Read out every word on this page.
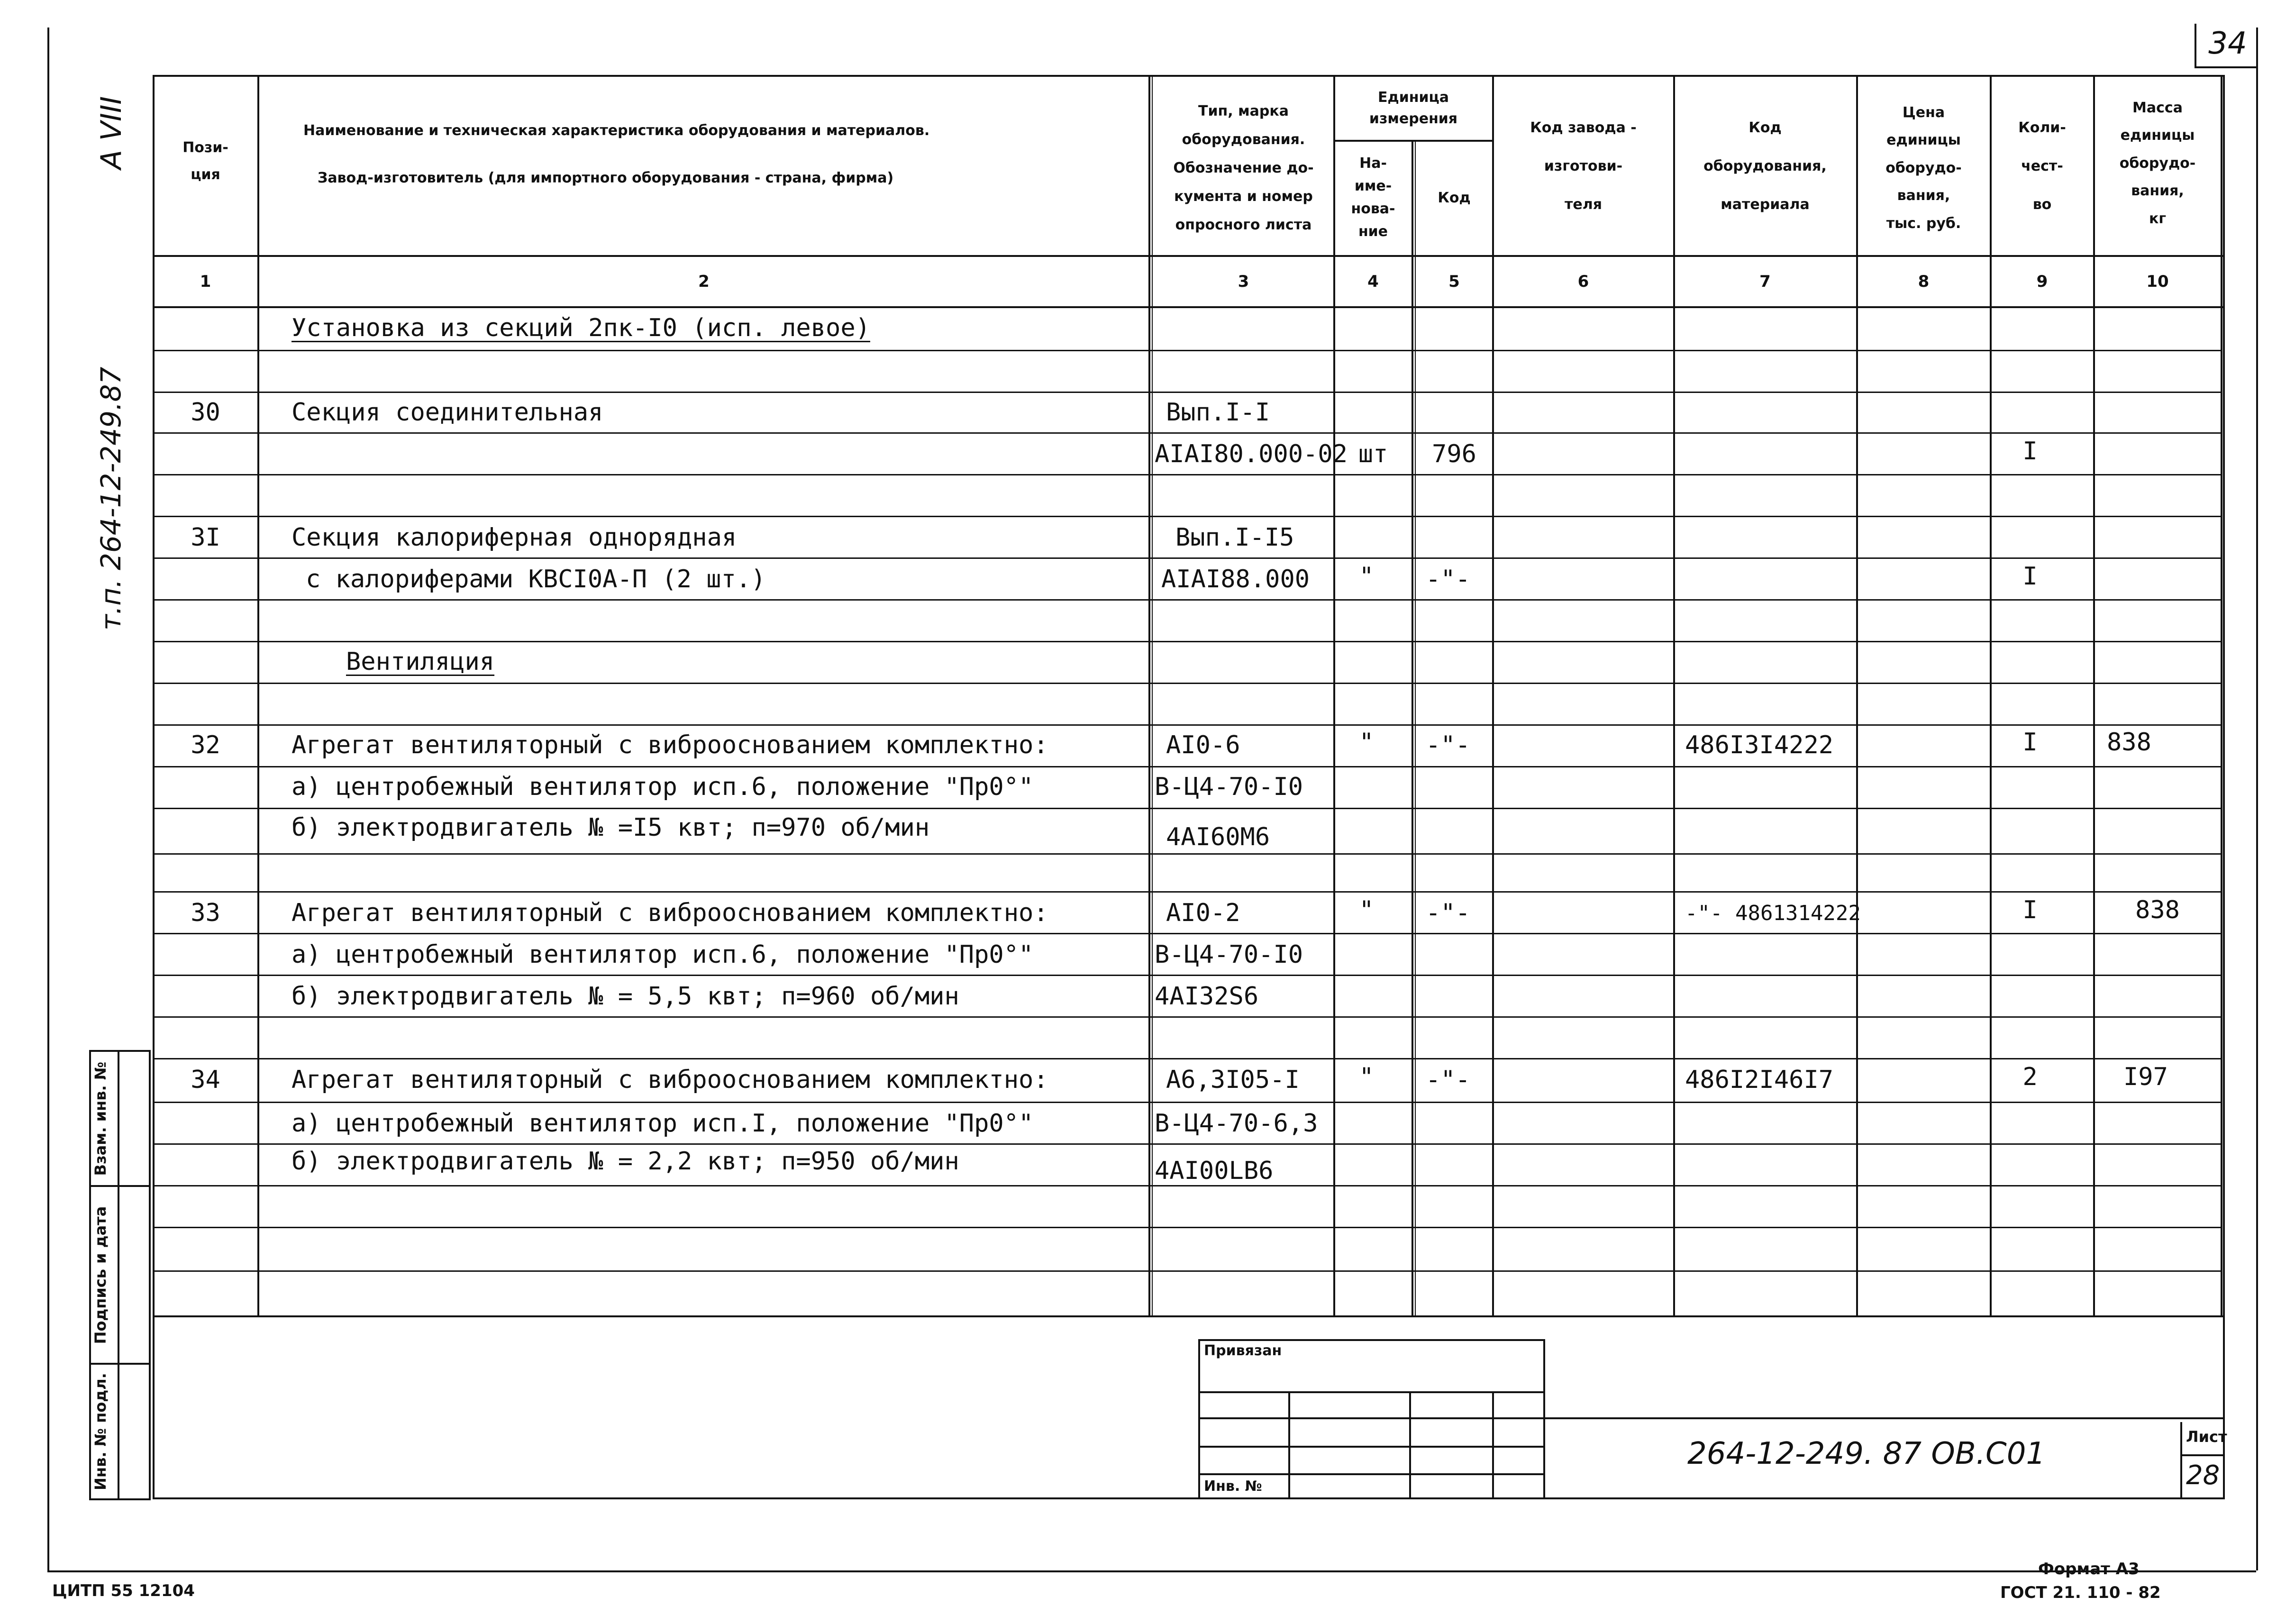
34
А VIII
т.п. 264-12-249.87
Взам. инв. №
Подпись и дата
Инв. № подл.
Пози-
ция
Наименование и техническая характеристика оборудования и материалов.
Завод-изготовитель (для импортного оборудования - страна, фирма)
Тип, марка
оборудования.
Обозначение до-
кумента и номер
опросного листа
Единица
измерения
На-
име-
нова-
ние
Код
Код завода -
изготови-
теля
Код
оборудования,
материала
Цена
единицы
оборудо-
вания,
тыс. руб.
Коли-
чест-
во
Масса
единицы
оборудо-
вания,
кг
1	2	3	4	5	6	7	8	9	10
Установка из секций 2пк-I0 (исп. левое)
30	Секция соединительная	Вып.I-I
AIAI80.000-02 шт	796	I
3I	Секция калориферная однорядная	Вып.I-I5
с калориферами КВСI0А-П (2 шт.)	AIAI88.000	"	-"-	I
Вентиляция
32	Агрегат вентиляторный с виброоснованием комплектно:	AI0-6	"	-"-	486I3I4222	I	838
а) центробежный вентилятор исп.6, положение "Пр0°"	В-Ц4-70-I0
б) электродвигатель № =I5 квт; п=970 об/мин	4AI60М6
33	Агрегат вентиляторный с виброоснованием комплектно:	AI0-2	"	-"-	-"- 4861314222	I	838
а) центробежный вентилятор исп.6, положение "Пр0°"	В-Ц4-70-I0
б) электродвигатель № = 5,5 квт; п=960 об/мин	4AI32S6
34	Агрегат вентиляторный с виброоснованием комплектно:	А6,3I05-I	"	-"-	486I2I46I7	2	I97
а) центробежный вентилятор исп.I, положение "Пр0°"	В-Ц4-70-6,3
б) электродвигатель № = 2,2 квт; п=950 об/мин	4AI00LB6
Привязан
Инв. №
264-12-249. 87 ОВ.С01	Лист
28
ЦИТП 55 12104
Формат А3
ГОСТ 21. 110 - 82
